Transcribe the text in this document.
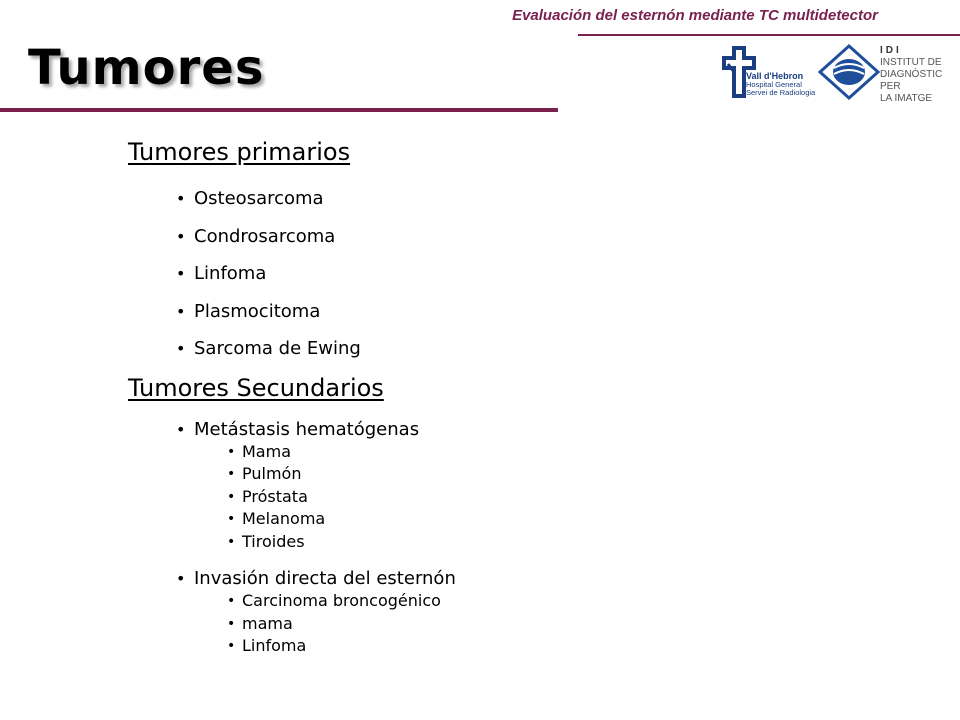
Evaluación del esternón mediante TC multidetector
Tumores	Vall d'Hebron
Hospital General
Servei de Radiologia
IDI
INSTITUT DE
DIAGNÒSTIC PER
LA IMATGE
Tumores primarios
• Osteosarcoma
• Condrosarcoma
• Linfoma
• Plasmocitoma
• Sarcoma de Ewing
Tumores Secundarios
• Metástasis hematógenas
• Mama
• Pulmón
• Próstata
• Melanoma
• Tiroides
• Invasión directa del esternón
• Carcinoma broncogénico
• mama
• Linfoma
